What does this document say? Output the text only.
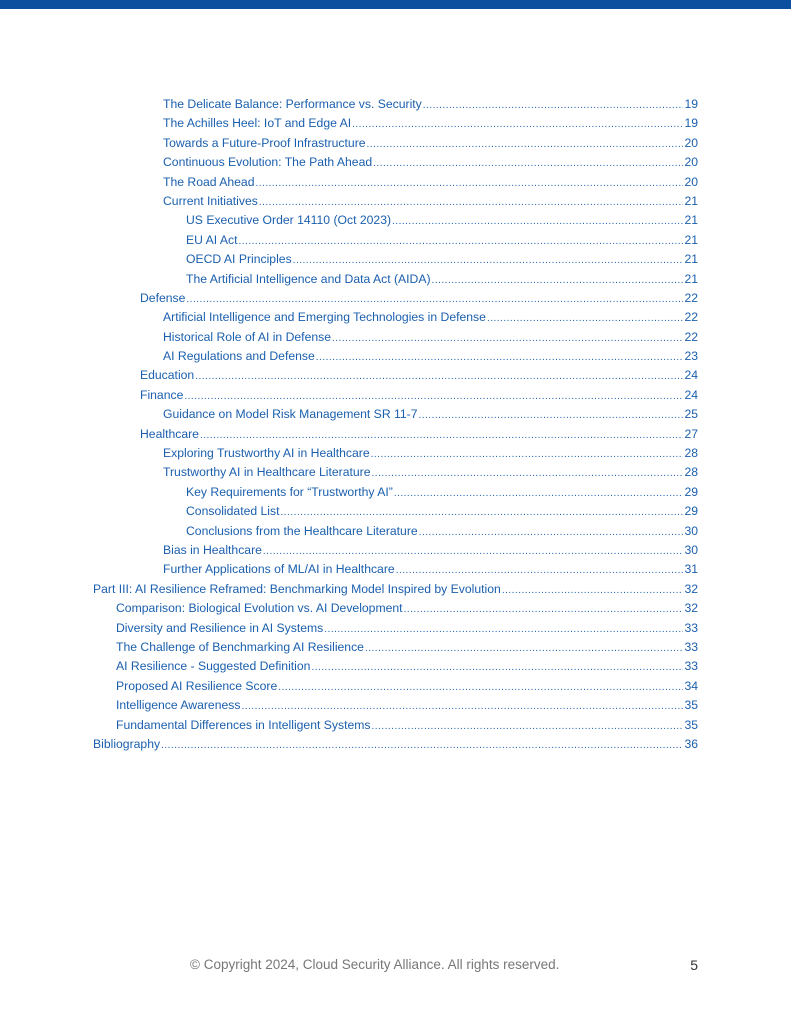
The Delicate Balance: Performance vs. Security .....	19
The Achilles Heel: IoT and Edge AI .....	19
Towards a Future-Proof Infrastructure .....	20
Continuous Evolution: The Path Ahead .....	20
The Road Ahead .....	20
Current Initiatives .....	21
US Executive Order 14110 (Oct 2023) .....	21
EU AI Act .....	21
OECD AI Principles .....	21
The Artificial Intelligence and Data Act (AIDA) .....	21
Defense .....	22
Artificial Intelligence and Emerging Technologies in Defense .....	22
Historical Role of AI in Defense .....	22
AI Regulations and Defense .....	23
Education .....	24
Finance .....	24
Guidance on Model Risk Management SR 11-7 .....	25
Healthcare .....	27
Exploring Trustworthy AI in Healthcare .....	28
Trustworthy AI in Healthcare Literature .....	28
Key Requirements for “Trustworthy AI” .....	29
Consolidated List .....	29
Conclusions from the Healthcare Literature .....	30
Bias in Healthcare .....	30
Further Applications of ML/AI in Healthcare .....	31
Part III: AI Resilience Reframed: Benchmarking Model Inspired by Evolution .....	32
Comparison: Biological Evolution vs. AI Development .....	32
Diversity and Resilience in AI Systems .....	33
The Challenge of Benchmarking AI Resilience .....	33
AI Resilience - Suggested Definition .....	33
Proposed AI Resilience Score .....	34
Intelligence Awareness .....	35
Fundamental Differences in Intelligent Systems .....	35
Bibliography .....	36
© Copyright 2024, Cloud Security Alliance. All rights reserved.	5
